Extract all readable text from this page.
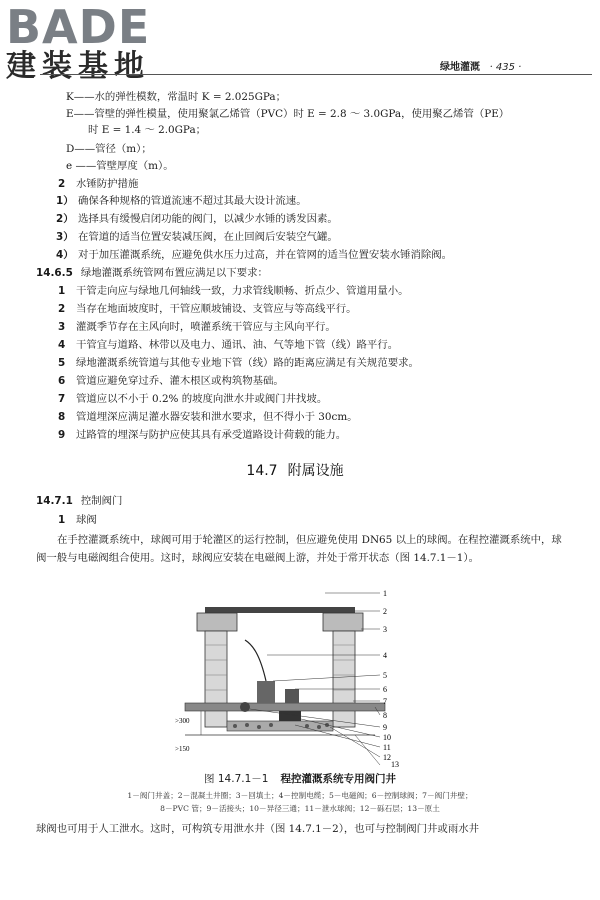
BADE
建装基地	绿地灌溉 · 435 ·
K——水的弹性模数，常温时 K = 2.025GPa；
E——管壁的弹性模量，使用聚氯乙烯管（PVC）时 E = 2.8 ～ 3.0GPa，使用聚乙烯管（PE）
时 E = 1.4 ～ 2.0GPa；
D——管径（m）；
e ——管壁厚度（m）。
2 水锤防护措施
1） 确保各种规格的管道流速不超过其最大设计流速。
2） 选择具有缓慢启闭功能的阀门，以减少水锤的诱发因素。
3） 在管道的适当位置安装减压阀，在止回阀后安装空气罐。
4） 对于加压灌溉系统，应避免供水压力过高，并在管网的适当位置安装水锤消除阀。
14.6.5 绿地灌溉系统管网布置应满足以下要求：
1 干管走向应与绿地几何轴线一致，力求管线顺畅、折点少、管道用量小。
2 当存在地面坡度时，干管应顺坡铺设、支管应与等高线平行。
3 灌溉季节存在主风向时，喷灌系统干管应与主风向平行。
4 干管宜与道路、林带以及电力、通讯、油、气等地下管（线）路平行。
5 绿地灌溉系统管道与其他专业地下管（线）路的距离应满足有关规范要求。
6 管道应避免穿过乔、灌木根区或构筑物基础。
7 管道应以不小于 0.2% 的坡度向泄水井或阀门井找坡。
8 管道埋深应满足灌水器安装和泄水要求，但不得小于 30cm。
9 过路管的埋深与防护应使其具有承受道路设计荷载的能力。
14.7 附属设施
14.7.1 控制阀门
1 球阀
在手控灌溉系统中，球阀可用于轮灌区的运行控制，但应避免使用 DN65 以上的球阀。在程控灌溉系统中，球阀一般与电磁阀组合使用。这时，球阀应安装在电磁阀上游，并处于常开状态（图 14.7.1－1）。
1
2
3
4
5
6
7
8
9
10
11
12
13
>300
>150
图 14.7.1－1 程控灌溉系统专用阀门井
1－阀门井盖；2－混凝土井圈；3－回填土；4－控制电缆；5－电磁阀；6－控制球阀；7－阀门井壁；
8－PVC 管；9－活接头；10－异径三通；11－泄水球阀；12－砾石层；13－原土
球阀也可用于人工泄水。这时，可构筑专用泄水井（图 14.7.1－2），也可与控制阀门井或雨水井
